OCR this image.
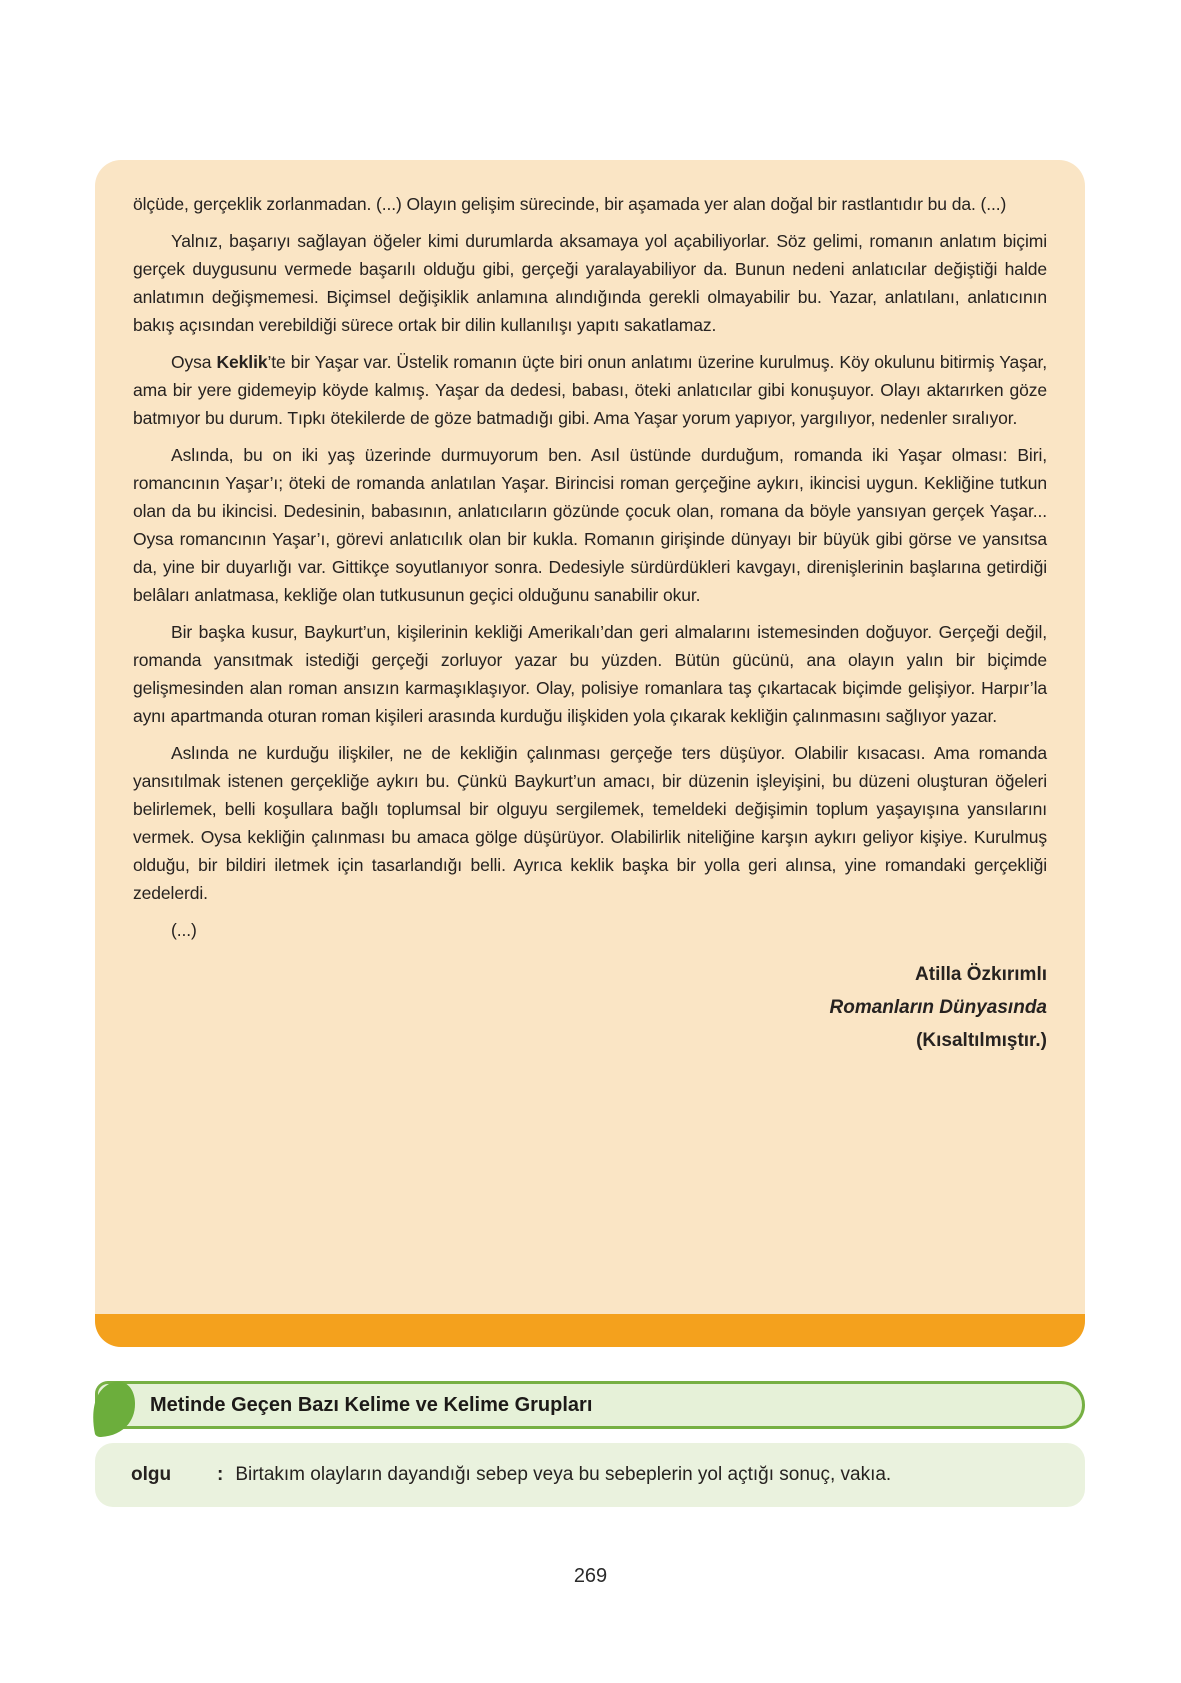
ölçüde, gerçeklik zorlanmadan. (...) Olayın gelişim sürecinde, bir aşamada yer alan doğal bir rastlantıdır bu da. (...)

Yalnız, başarıyı sağlayan öğeler kimi durumlarda aksamaya yol açabiliyorlar. Söz gelimi, romanın anlatım biçimi gerçek duygusunu vermede başarılı olduğu gibi, gerçeği yaralayabiliyor da. Bunun nedeni anlatıcılar değiştiği halde anlatımın değişmemesi. Biçimsel değişiklik anlamına alındığında gerekli olmayabilir bu. Yazar, anlatılanı, anlatıcının bakış açısından verebildiği sürece ortak bir dilin kullanılışı yapıtı sakatlamaz.

Oysa Keklik’te bir Yaşar var. Üstelik romanın üçte biri onun anlatımı üzerine kurulmuş. Köy okulunu bitirmiş Yaşar, ama bir yere gidemeyip köyde kalmış. Yaşar da dedesi, babası, öteki anlatıcılar gibi konuşuyor. Olayı aktarırken göze batmıyor bu durum. Tıpkı ötekilerde de göze batmadığı gibi. Ama Yaşar yorum yapıyor, yargılıyor, nedenler sıralıyor.

Aslında, bu on iki yaş üzerinde durmuyorum ben. Asıl üstünde durduğum, romanda iki Yaşar olması: Biri, romancının Yaşar’ı; öteki de romanda anlatılan Yaşar. Birincisi roman gerçeğine aykırı, ikincisi uygun. Kekliğine tutkun olan da bu ikincisi. Dedesinin, babasının, anlatıcıların gözünde çocuk olan, romana da böyle yansıyan gerçek Yaşar... Oysa romancının Yaşar’ı, görevi anlatıcılık olan bir kukla. Romanın girişinde dünyayı bir büyük gibi görse ve yansıtsa da, yine bir duyarlığı var. Gittikçe soyutlanıyor sonra. Dedesiyle sürdürdükleri kavgayı, direnişlerinin başlarına getirdiği belâları anlatmasa, kekliğe olan tutkusunun geçici olduğunu sanabilir okur.

Bir başka kusur, Baykurt’un, kişilerinin kekliği Amerikalı’dan geri almalarını istemesinden doğuyor. Gerçeği değil, romanda yansıtmak istediği gerçeği zorluyor yazar bu yüzden. Bütün gücünü, ana olayın yalın bir biçimde gelişmesinden alan roman ansızın karmaşıklaşıyor. Olay, polisiye romanlara taş çıkartacak biçimde gelişiyor. Harpır’la aynı apartmanda oturan roman kişileri arasında kurduğu ilişkiden yola çıkarak kekliğin çalınmasını sağlıyor yazar.

Aslında ne kurduğu ilişkiler, ne de kekliğin çalınması gerçeğe ters düşüyor. Olabilir kısacası. Ama romanda yansıtılmak istenen gerçekliğe aykırı bu. Çünkü Baykurt’un amacı, bir düzenin işleyişini, bu düzeni oluşturan öğeleri belirlemek, belli koşullara bağlı toplumsal bir olguyu sergilemek, temeldeki değişimin toplum yaşayışına yansılarını vermek. Oysa kekliğin çalınması bu amaca gölge düşürüyor. Olabilirlik niteliğine karşın aykırı geliyor kişiye. Kurulmuş olduğu, bir bildiri iletmek için tasarlandığı belli. Ayrıca keklik başka bir yolla geri alınsa, yine romandaki gerçekliği zedelerdi.

(...)

Atilla Özkırımlı
Romanların Dünyasında
(Kısaltılmıştır.)
Metinde Geçen Bazı Kelime ve Kelime Grupları
olgu	: Birtakım olayların dayandığı sebep veya bu sebeplerin yol açtığı sonuç, vakıa.
269
